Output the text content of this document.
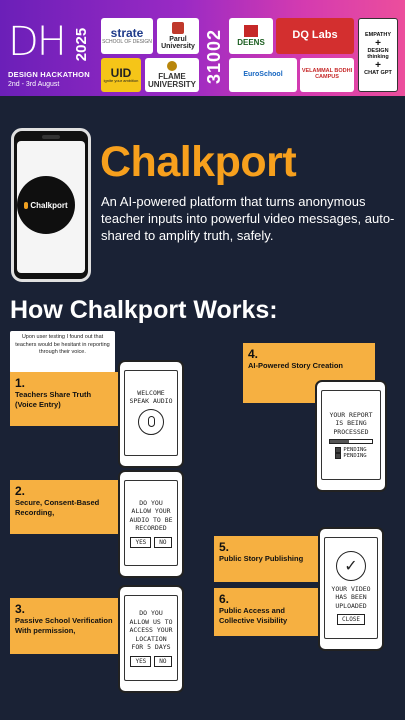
DH 2025
DESIGN HACKATHON
2nd - 3rd August
strate
SCHOOL OF DESIGN	Parul University
UID
ignite your ambition
FLAME UNIVERSITY
31002 DEENS
DQ Labs
EuroSchool
VELAMMAL BODHI CAMPUS
EMPATHY
+
DESIGN thinking
+
CHAT GPT
Chalkport
Chalkport
An AI-powered platform that turns anonymous teacher inputs into powerful video messages, auto-shared to amplify truth, safely.
How Chalkport Works:
Upon user testing I found out that teachers would be hesitant in reporting through their voice.
1.
Teachers Share Truth (Voice Entry)
2.
Secure, Consent-Based Recording,
3.
Passive School Verification With permission,
4.
AI-Powered Story Creation
5.
Public Story Publishing
6.
Public Access and Collective Visibility
WELCOME SPEAK AUDIO
DO YOU ALLOW YOUR AUDIO TO BE RECORDED
YES	NO
DO YOU ALLOW US TO ACCESS YOUR LOCATION FOR 5 DAYS
YES	NO
YOUR REPORT IS BEING PROCESSED
PENDING
PENDING
✓
YOUR VIDEO HAS BEEN UPLOADED
CLOSE
